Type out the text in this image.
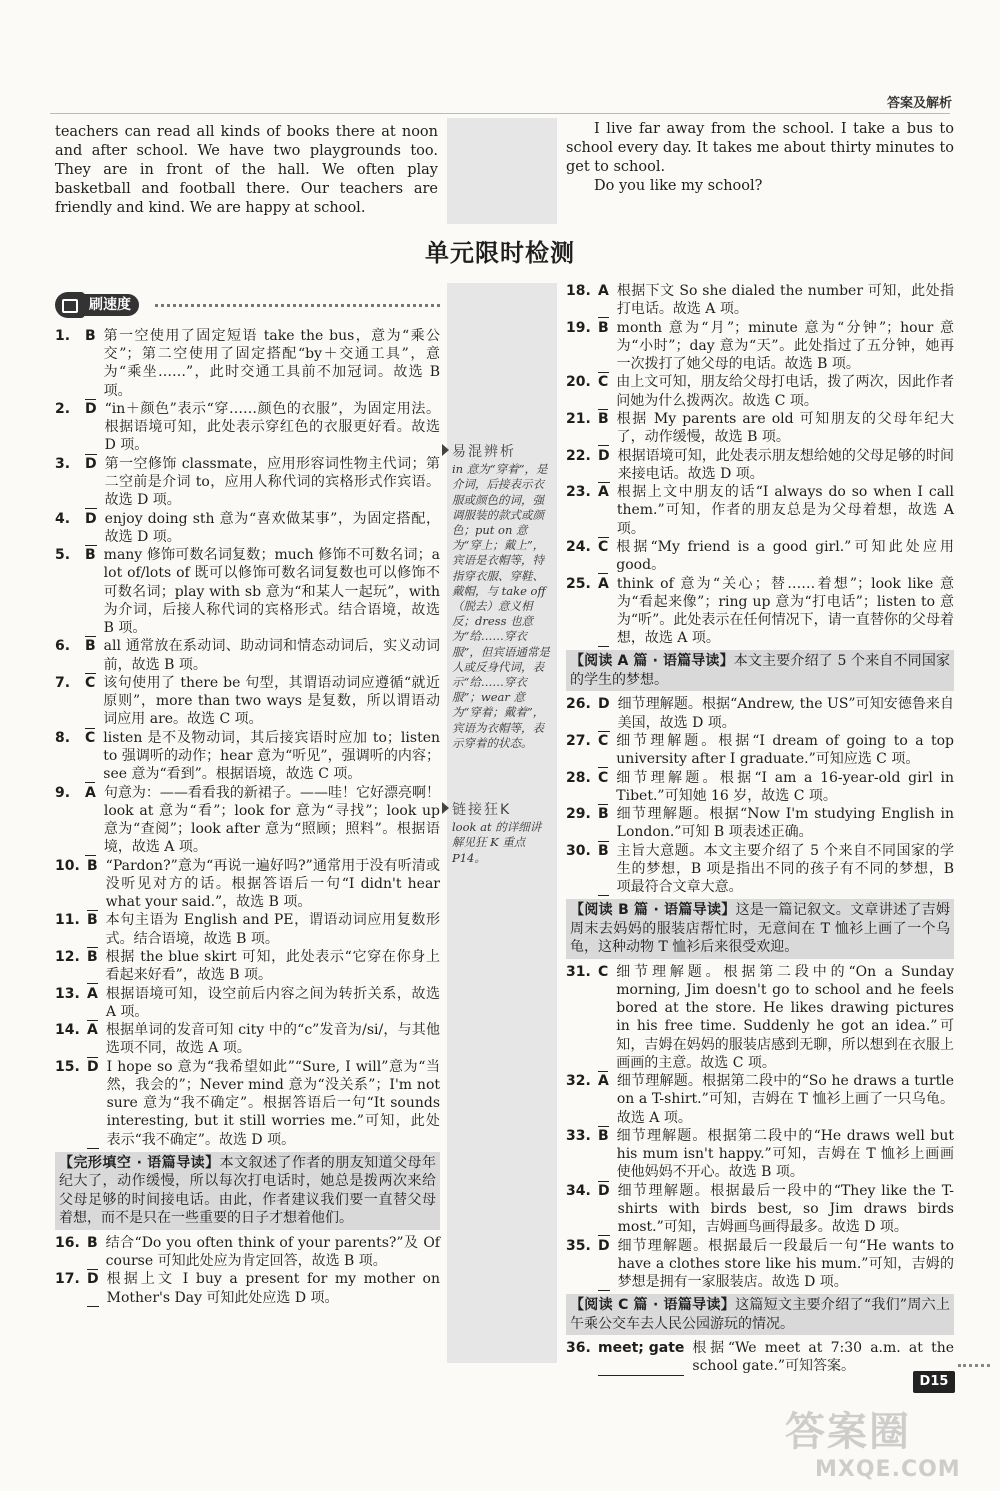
答案及解析

teachers can read all kinds of books there at noon and after school. We have two playgrounds too. They are in front of the hall. We often play basketball and football there. Our teachers are friendly and kind. We are happy at school.

I live far away from the school. I take a bus to school every day. It takes me about thirty minutes to get to school.

Do you like my school?

单元限时检测
刷速度
1.	B 第一空使用了固定短语 take the bus，意为“乘公交”；第二空使用了固定搭配“by＋交通工具”，意为“乘坐……”，此时交通工具前不加冠词。故选 B 项。
2.	D “in＋颜色”表示“穿……颜色的衣服”，为固定用法。根据语境可知，此处表示穿红色的衣服更好看。故选 D 项。
3.	D 第一空修饰 classmate，应用形容词性物主代词；第二空前是介词 to，应用人称代词的宾格形式作宾语。故选 D 项。
4.	D enjoy doing sth 意为“喜欢做某事”，为固定搭配，故选 D 项。
5.	B many 修饰可数名词复数；much 修饰不可数名词；a lot of/lots of 既可以修饰可数名词复数也可以修饰不可数名词；play with sb 意为“和某人一起玩”，with 为介词，后接人称代词的宾格形式。结合语境，故选 B 项。
6.	B all 通常放在系动词、助动词和情态动词后，实义动词前，故选 B 项。
7.	C 该句使用了 there be 句型，其谓语动词应遵循“就近原则”，more than two ways 是复数，所以谓语动词应用 are。故选 C 项。
8.	C listen 是不及物动词，其后接宾语时应加 to；listen to 强调听的动作；hear 意为“听见”，强调听的内容；see 意为“看到”。根据语境，故选 C 项。
9.	A 句意为：——看看我的新裙子。——哇！它好漂亮啊！look at 意为“看”；look for 意为“寻找”；look up 意为“查阅”；look after 意为“照顾；照料”。根据语境，故选 A 项。
10. B “Pardon?”意为“再说一遍好吗?”通常用于没有听清或没听见对方的话。根据答语后一句“I didn't hear what your said.”，故选 B 项。
11. B 本句主语为 English and PE，谓语动词应用复数形式。结合语境，故选 B 项。
12. B 根据 the blue skirt 可知，此处表示“它穿在你身上看起来好看”，故选 B 项。
13. A 根据语境可知，设空前后内容之间为转折关系，故选 A 项。
14. A 根据单词的发音可知 city 中的“c”发音为/si/，与其他选项不同，故选 A 项。
15. D I hope so 意为“我希望如此”“Sure, I will”意为“当然，我会的”；Never mind 意为“没关系”；I'm not sure 意为“我不确定”。根据答语后一句“It sounds interesting, but it still worries me.”可知，此处表示“我不确定”。故选 D 项。
【完形填空 · 语篇导读】本文叙述了作者的朋友知道父母年纪大了，动作缓慢，所以每次打电话时，她总是拨两次来给父母足够的时间接电话。由此，作者建议我们要一直替父母着想，而不是只在一些重要的日子才想着他们。
16. B 结合“Do you often think of your parents?”及 Of course 可知此处应为肯定回答，故选 B 项。
17. D 根据上文 I buy a present for my mother on Mother's Day 可知此处应选 D 项。
易混辨析
in 意为“穿着”，是介词，后接表示衣服或颜色的词，强调服装的款式或颜色；put on 意为“穿上；戴上”，宾语是衣帽等，特指穿衣服、穿鞋、戴帽，与 take off（脱去）意义相反；dress 也意为“给……穿衣服”，但宾语通常是人或反身代词，表示“给……穿衣服”；wear 意为“穿着；戴着”，宾语为衣帽等，表示穿着的状态。
链接狂K
look at 的详细讲解见狂 K 重点 P14。
18. A 根据下文 So she dialed the number 可知，此处指打电话。故选 A 项。
19. B month 意为“月”；minute 意为“分钟”；hour 意为“小时”；day 意为“天”。此处指过了五分钟，她再一次拨打了她父母的电话。故选 B 项。
20. C 由上文可知，朋友给父母打电话，拨了两次，因此作者问她为什么拨两次。故选 C 项。
21. B 根据 My parents are old 可知朋友的父母年纪大了，动作缓慢，故选 B 项。
22. D 根据语境可知，此处表示朋友想给她的父母足够的时间来接电话。故选 D 项。
23. A 根据上文中朋友的话“I always do so when I call them.”可知，作者的朋友总是为父母着想，故选 A 项。
24. C 根据“My friend is a good girl.”可知此处应用 good。
25. A think of 意为“关心；替……着想”；look like 意为“看起来像”；ring up 意为“打电话”；listen to 意为“听”。此处表示在任何情况下，请一直替你的父母着想，故选 A 项。
【阅读 A 篇 · 语篇导读】本文主要介绍了 5 个来自不同国家的学生的梦想。
26. D 细节理解题。根据“Andrew, the US”可知安德鲁来自美国，故选 D 项。
27. C 细节理解题。根据“I dream of going to a top university after I graduate.”可知应选 C 项。
28. C 细节理解题。根据“I am a 16-year-old girl in Tibet.”可知她 16 岁，故选 C 项。
29. B 细节理解题。根据“Now I'm studying English in London.”可知 B 项表述正确。
30. B 主旨大意题。本文主要介绍了 5 个来自不同国家的学生的梦想，B 项是指出不同的孩子有不同的梦想，B 项最符合文章大意。
【阅读 B 篇 · 语篇导读】这是一篇记叙文。文章讲述了吉姆周末去妈妈的服装店帮忙时，无意间在 T 恤衫上画了一个乌龟，这种动物 T 恤衫后来很受欢迎。
31. C 细节理解题。根据第二段中的“On a Sunday morning, Jim doesn't go to school and he feels bored at the store. He likes drawing pictures in his free time. Suddenly he got an idea.”可知，吉姆在妈妈的服装店感到无聊，所以想到在衣服上画画的主意。故选 C 项。
32. A 细节理解题。根据第二段中的“So he draws a turtle on a T-shirt.”可知，吉姆在 T 恤衫上画了一只乌龟。故选 A 项。
33. B 细节理解题。根据第二段中的“He draws well but his mum isn't happy.”可知，吉姆在 T 恤衫上画画使他妈妈不开心。故选 B 项。
34. D 细节理解题。根据最后一段中的“They like the T-shirts with birds best, so Jim draws birds most.”可知，吉姆画鸟画得最多。故选 D 项。
35. D 细节理解题。根据最后一段最后一句“He wants to have a clothes store like his mum.”可知，吉姆的梦想是拥有一家服装店。故选 D 项。
【阅读 C 篇 · 语篇导读】这篇短文主要介绍了“我们”周六上午乘公交车去人民公园游玩的情况。
36. meet; gate 根据“We meet at 7:30 a.m. at the school gate.”可知答案。
D15
答案圈
MXQE.COM
